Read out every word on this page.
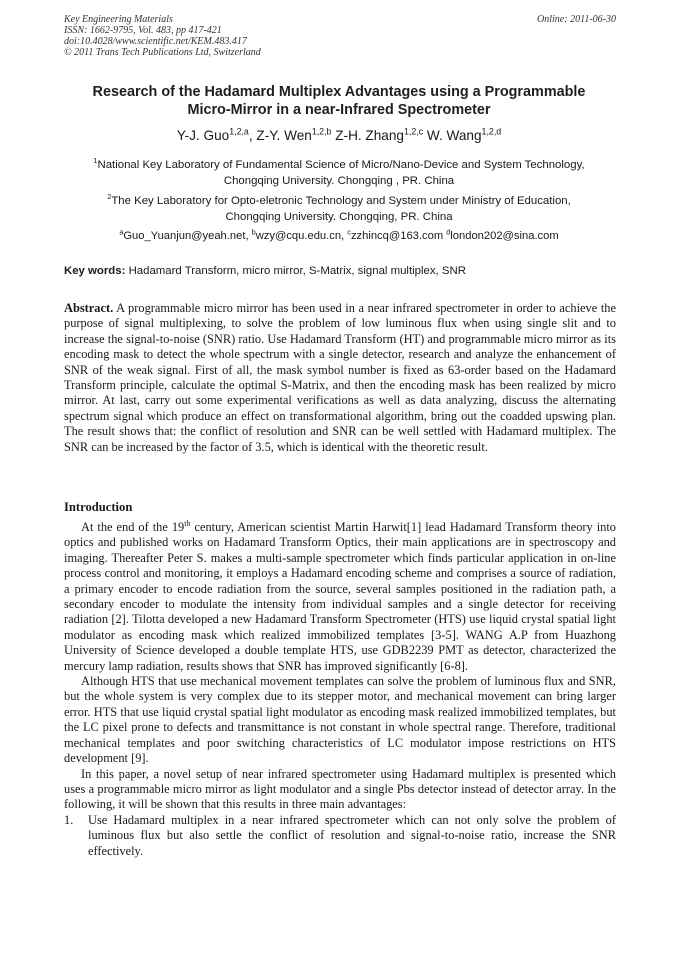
Key Engineering Materials
ISSN: 1662-9795, Vol. 483, pp 417-421
doi:10.4028/www.scientific.net/KEM.483.417
© 2011 Trans Tech Publications Ltd, Switzerland
Online: 2011-06-30
Research of the Hadamard Multiplex Advantages using a Programmable
Micro-Mirror in a near-Infrared Spectrometer
Y-J. Guo$^{1,2,a}$, Z-Y. Wen$^{1,2,b}$ Z-H. Zhang$^{1,2,c}$ W. Wang$^{1,2,d}$
$^1$National Key Laboratory of Fundamental Science of Micro/Nano-Device and System Technology,
Chongqing University. Chongqing , PR. China
$^2$The Key Laboratory for Opto-eletronic Technology and System under Ministry of Education,
Chongqing University. Chongqing, PR. China
$^a$Guo_Yuanjun@yeah.net, $^b$wzy@cqu.edu.cn, $^c$zzhincq@163.com $^d$london202@sina.com
Key words: Hadamard Transform, micro mirror, S-Matrix, signal multiplex, SNR
Abstract. A programmable micro mirror has been used in a near infrared spectrometer in order to achieve the purpose of signal multiplexing, to solve the problem of low luminous flux when using single slit and to increase the signal-to-noise (SNR) ratio. Use Hadamard Transform (HT) and programmable micro mirror as its encoding mask to detect the whole spectrum with a single detector, research and analyze the enhancement of SNR of the weak signal. First of all, the mask symbol number is fixed as 63-order based on the Hadamard Transform principle, calculate the optimal S-Matrix, and then the encoding mask has been realized by micro mirror. At last, carry out some experimental verifications as well as data analyzing, discuss the alternating spectrum signal which produce an effect on transformational algorithm, bring out the coadded upswing plan. The result shows that: the conflict of resolution and SNR can be well settled with Hadamard multiplex. The SNR can be increased by the factor of 3.5, which is identical with the theoretic result.
Introduction

At the end of the 19th century, American scientist Martin Harwit[1] lead Hadamard Transform theory into optics and published works on Hadamard Transform Optics, their main applications are in spectroscopy and imaging. Thereafter Peter S. makes a multi-sample spectrometer which finds particular application in on-line process control and monitoring, it employs a Hadamard encoding scheme and comprises a source of radiation, a primary encoder to encode radiation from the source, several samples positioned in the radiation path, a secondary encoder to modulate the intensity from individual samples and a single detector for receiving radiation [2]. Tilotta developed a new Hadamard Transform Spectrometer (HTS) use liquid crystal spatial light modulator as encoding mask which realized immobilized templates [3-5]. WANG A.P from Huazhong University of Science developed a double template HTS, use GDB2239 PMT as detector, characterized the mercury lamp radiation, results shows that SNR has improved significantly [6-8].

Although HTS that use mechanical movement templates can solve the problem of luminous flux and SNR, but the whole system is very complex due to its stepper motor, and mechanical movement can bring larger error. HTS that use liquid crystal spatial light modulator as encoding mask realized immobilized templates, but the LC pixel prone to defects and transmittance is not constant in whole spectral range. Therefore, traditional mechanical templates and poor switching characteristics of LC modulator impose restrictions on HTS development [9].

In this paper, a novel setup of near infrared spectrometer using Hadamard multiplex is presented which uses a programmable micro mirror as light modulator and a single Pbs detector instead of detector array. In the following, it will be shown that this results in three main advantages:

1. Use Hadamard multiplex in a near infrared spectrometer which can not only solve the problem of luminous flux but also settle the conflict of resolution and signal-to-noise ratio, increase the SNR effectively.
